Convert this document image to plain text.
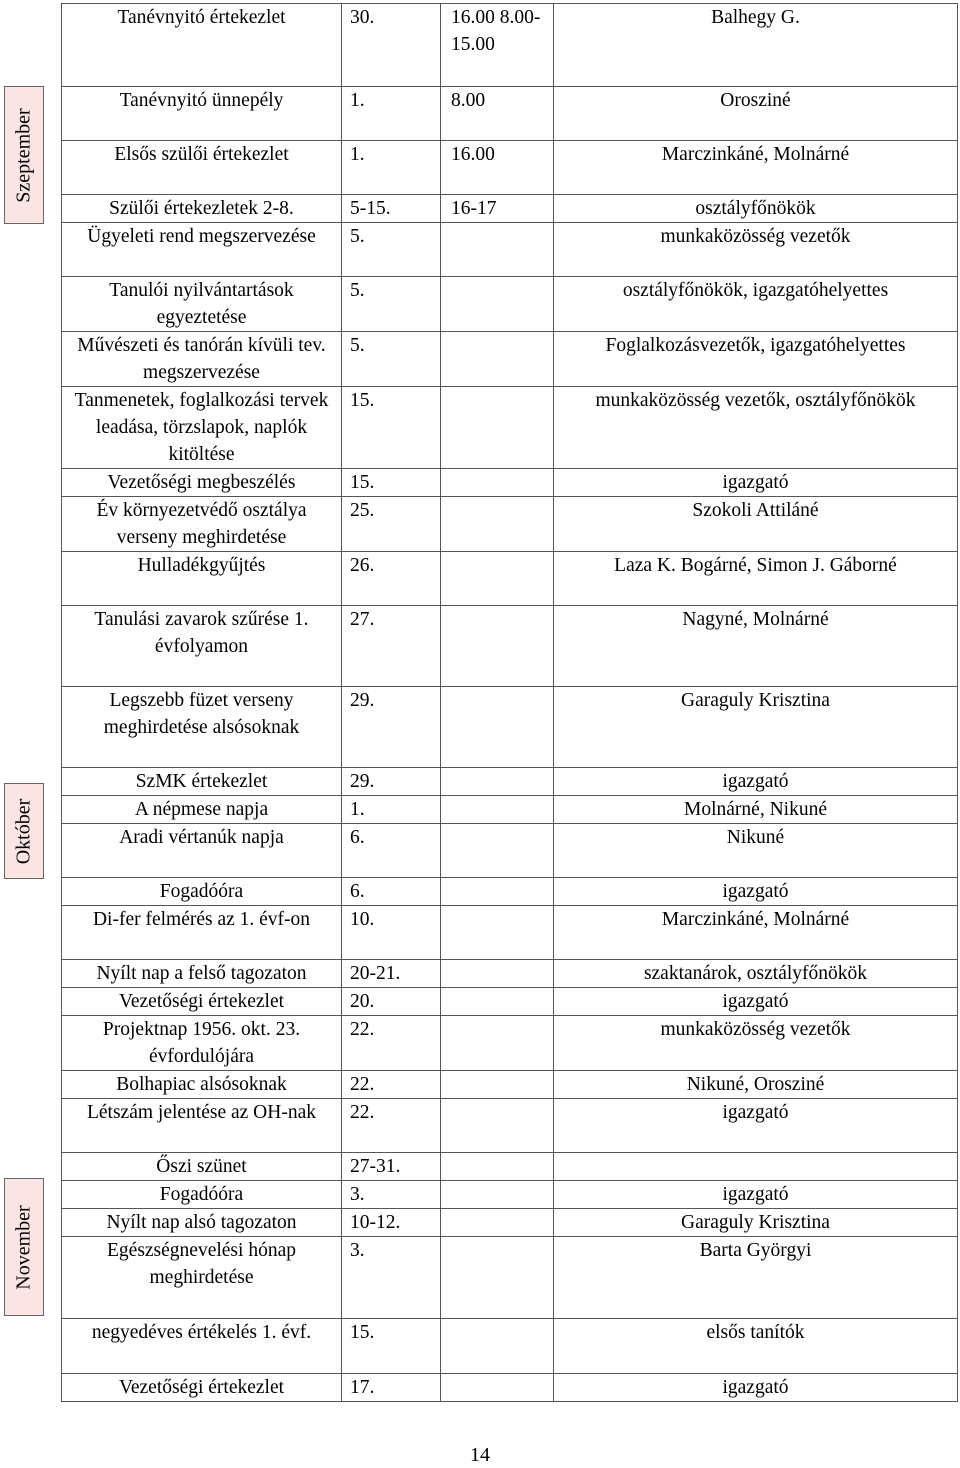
Szeptember
Október
November
Tanévnyitó értekezlet	30.	16.00 8.00- 15.00	Balhegy G.
Tanévnyitó ünnepély	1.	8.00	Orosziné
Elsős szülői értekezlet	1.	16.00	Marczinkáné, Molnárné
Szülői értekezletek 2-8.	5-15.	16-17	osztályfőnökök
Ügyeleti rend megszervezése	5.		munkaközösség vezetők
Tanulói nyilvántartások egyeztetése	5.		osztályfőnökök, igazgatóhelyettes
Művészeti és tanórán kívüli tev. megszervezése	5.		Foglalkozásvezetők, igazgatóhelyettes
Tanmenetek, foglalkozási tervek leadása, törzslapok, naplók kitöltése	15.		munkaközösség vezetők, osztályfőnökök
Vezetőségi megbeszélés	15.		igazgató
Év környezetvédő osztálya verseny meghirdetése	25.		Szokoli Attiláné
Hulladékgyűjtés	26.		Laza K. Bogárné, Simon J. Gáborné
Tanulási zavarok szűrése 1. évfolyamon	27.		Nagyné, Molnárné
Legszebb füzet verseny meghirdetése alsósoknak	29.		Garaguly Krisztina
SzMK értekezlet	29.		igazgató
A népmese napja	1.		Molnárné, Nikuné
Aradi vértanúk napja	6.		Nikuné
Fogadóóra	6.		igazgató
Di-fer felmérés az 1. évf-on	10.		Marczinkáné, Molnárné
Nyílt nap a felső tagozaton	20-21.		szaktanárok, osztályfőnökök
Vezetőségi értekezlet	20.		igazgató
Projektnap 1956. okt. 23. évfordulójára	22.		munkaközösség vezetők
Bolhapiac alsósoknak	22.		Nikuné, Orosziné
Létszám jelentése az OH-nak	22.		igazgató
Őszi szünet	27-31.		
Fogadóóra	3.		igazgató
Nyílt nap alsó tagozaton	10-12.		Garaguly Krisztina
Egészségnevelési hónap meghirdetése	3.		Barta Györgyi
negyedéves értékelés 1. évf.	15.		elsős tanítók
Vezetőségi értekezlet	17.		igazgató
14
